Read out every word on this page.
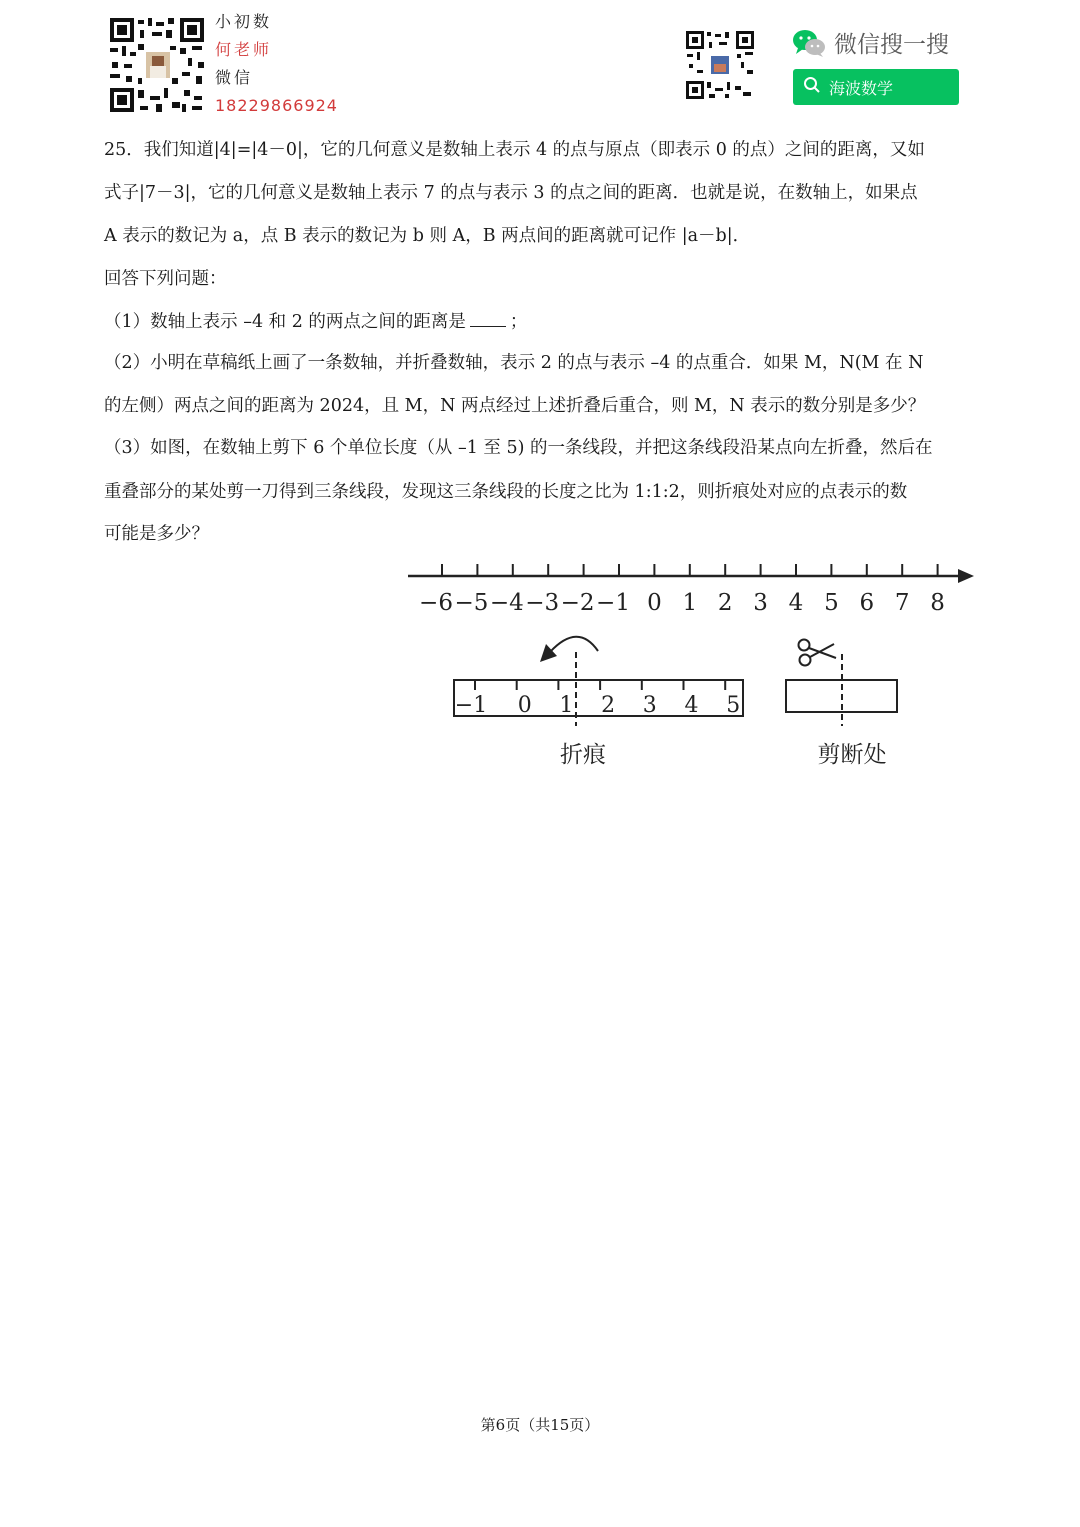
小初数
何老师
微信
18229866924
微信搜一搜
海波数学
25．我们知道|4|=|4－0|，它的几何意义是数轴上表示 4 的点与原点（即表示 0 的点）之间的距离，又如
式子|7－3|，它的几何意义是数轴上表示 7 的点与表示 3 的点之间的距离．也就是说，在数轴上，如果点
A 表示的数记为 a，点 B 表示的数记为 b 则 A，B 两点间的距离就可记作 |a－b|．
回答下列问题：
（1）数轴上表示 –4 和 2 的两点之间的距离是	；
（2）小明在草稿纸上画了一条数轴，并折叠数轴，表示 2 的点与表示 –4 的点重合．如果 M，N(M 在 N
的左侧）两点之间的距离为 2024，且 M，N 两点经过上述折叠后重合，则 M，N 表示的数分别是多少？
（3）如图，在数轴上剪下 6 个单位长度（从 –1 至 5) 的一条线段，并把这条线段沿某点向左折叠，然后在
重叠部分的某处剪一刀得到三条线段，发现这三条线段的长度之比为 1:1:2，则折痕处对应的点表示的数
可能是多少？
−6 −5 −4 −3 −2 −1 0 1 2 3 4 5 6 7 8
−1 0 1 2 3 4 5
折痕	剪断处
第6页（共15页）
